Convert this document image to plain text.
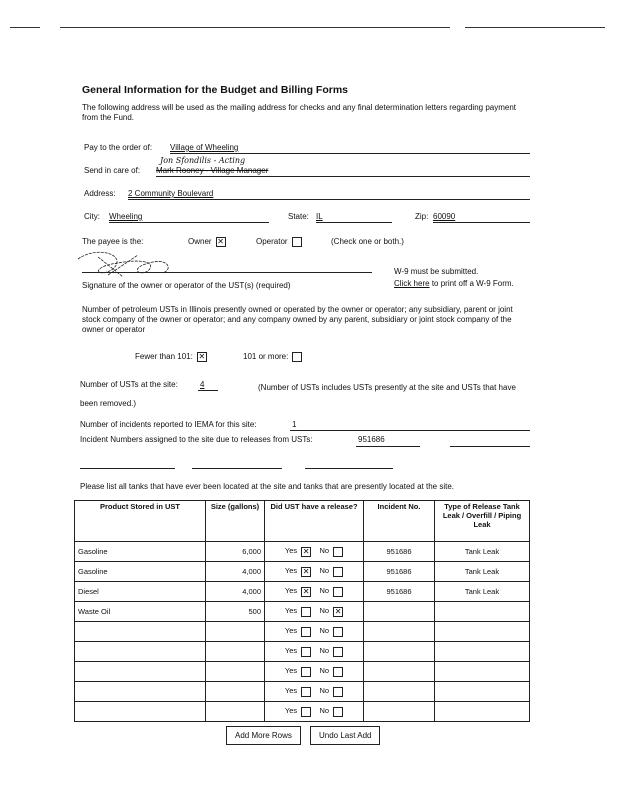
General Information for the Budget and Billing Forms
The following address will be used as the mailing address for checks and any final determination letters regarding payment from the Fund.
Pay to the order of: Village of Wheeling
Jon Sfondilis - Acting
Send in care of: Mark Rooney - Village Manager
Address: 2 Community Boulevard
City: Wheeling	State: IL	Zip: 60090
The payee is the:	Owner ✕	Operator	(Check one or both.)
Signature of the owner or operator of the UST(s) (required)
W-9 must be submitted.
Click here to print off a W-9 Form.
Number of petroleum USTs in Illinois presently owned or operated by the owner or operator; any subsidiary, parent or joint stock company of the owner or operator; and any company owned by any parent, subsidiary or joint stock company of the owner or operator
Fewer than 101: ✕	101 or more:
Number of USTs at the site:	4	(Number of USTs includes USTs presently at the site and USTs that have been removed.)
Number of incidents reported to IEMA for this site:	1
Incident Numbers assigned to the site due to releases from USTs:	951686
Please list all tanks that have ever been located at the site and tanks that are presently located at the site.
Product Stored in UST	Size (gallons)	Did UST have a release?	Incident No.	Type of Release Tank Leak / Overfill / Piping Leak
Gasoline	6,000	Yes ✕ No	951686	Tank Leak
Gasoline	4,000	Yes ✕ No	951686	Tank Leak
Diesel	4,000	Yes ✕ No	951686	Tank Leak
Waste Oil	500	Yes No ✕		
		Yes No		
		Yes No		
		Yes No		
		Yes No		
		Yes No		
Add More Rows	Undo Last Add
